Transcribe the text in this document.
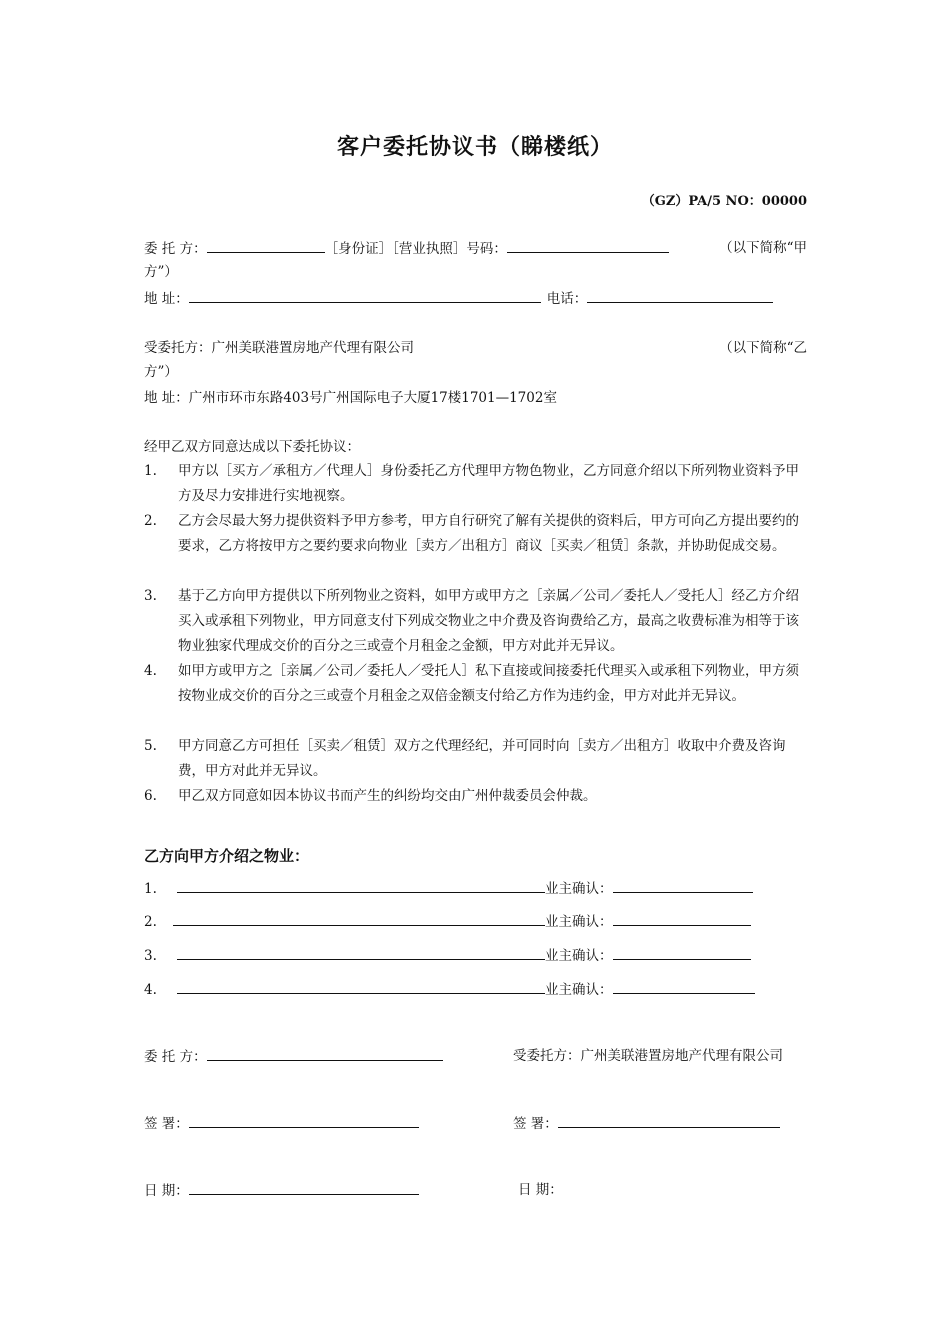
客户委托协议书（睇楼纸）
（GZ）PA/5 NO：00000
委 托 方：	［身份证］［营业执照］号码：	（以下简称“甲
方”）
地 址：	电话：
受委托方：广州美联港置房地产代理有限公司	（以下简称“乙
方”）
地 址：广州市环市东路403号广州国际电子大厦17楼1701—1702室
经甲乙双方同意达成以下委托协议：
1. 甲方以［买方／承租方／代理人］身份委托乙方代理甲方物色物业，乙方同意介绍以下所列物业资料予甲方及尽力安排进行实地视察。
2. 乙方会尽最大努力提供资料予甲方参考，甲方自行研究了解有关提供的资料后，甲方可向乙方提出要约的要求，乙方将按甲方之要约要求向物业［卖方／出租方］商议［买卖／租赁］条款，并协助促成交易。
3. 基于乙方向甲方提供以下所列物业之资料，如甲方或甲方之［亲属／公司／委托人／受托人］经乙方介绍买入或承租下列物业，甲方同意支付下列成交物业之中介费及咨询费给乙方，最高之收费标准为相等于该物业独家代理成交价的百分之三或壹个月租金之金额，甲方对此并无异议。
4. 如甲方或甲方之［亲属／公司／委托人／受托人］私下直接或间接委托代理买入或承租下列物业，甲方须按物业成交价的百分之三或壹个月租金之双倍金额支付给乙方作为违约金，甲方对此并无异议。
5. 甲方同意乙方可担任［买卖／租赁］双方之代理经纪，并可同时向［卖方／出租方］收取中介费及咨询费，甲方对此并无异议。
6. 甲乙双方同意如因本协议书而产生的纠纷均交由广州仲裁委员会仲裁。
乙方向甲方介绍之物业：
1.	业主确认：
2.	业主确认：
3.	业主确认：
4.	业主确认：
委 托 方：	受委托方：广州美联港置房地产代理有限公司
签 署：	签 署：
日 期：	日 期：
